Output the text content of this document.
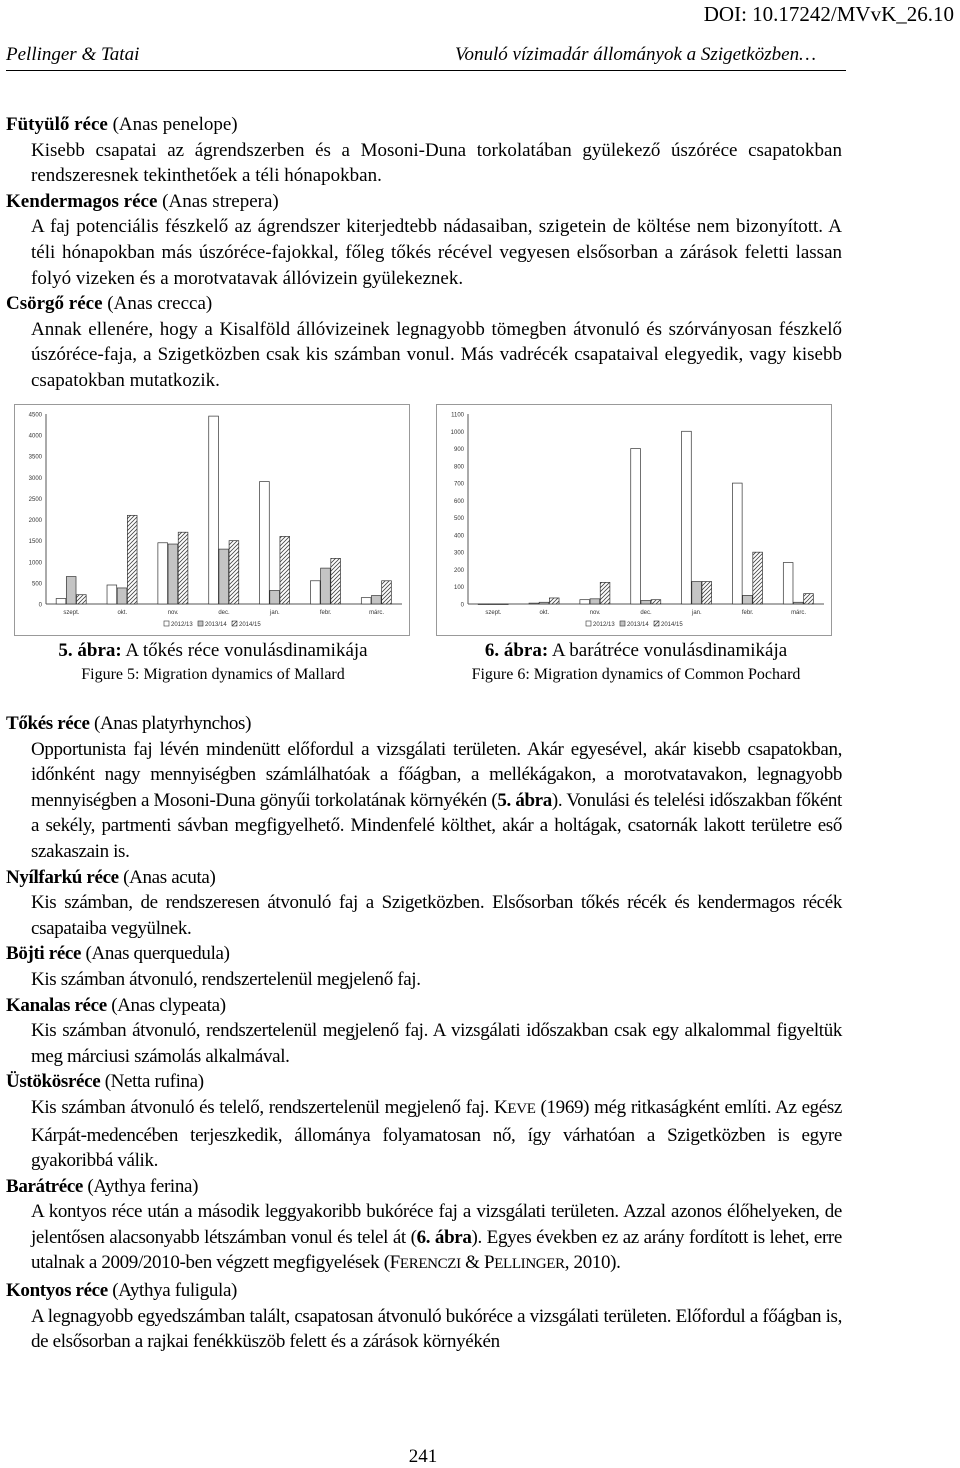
DOI: 10.17242/MVvK_26.10
Pellinger & Tatai	Vonuló vízimadár állományok a Szigetközben…

Fütyülő réce (Anas penelope)

Kisebb csapatai az ágrendszerben és a Mosoni-Duna torkolatában gyülekező úszóréce csapatokban rendszeresnek tekinthetőek a téli hónapokban.

Kendermagos réce (Anas strepera)

A faj potenciális fészkelő az ágrendszer kiterjedtebb nádasaiban, szigetein de költése nem bizonyított. A téli hónapokban más úszóréce-fajokkal, főleg tőkés récével vegyesen elsősorban a zárások feletti lassan folyó vizeken és a morotvatavak állóvizein gyülekeznek.

Csörgő réce (Anas crecca)

Annak ellenére, hogy a Kisalföld állóvizeinek legnagyobb tömegben átvonuló és szórványosan fészkelő úszóréce-faja, a Szigetközben csak kis számban vonul. Más vadrécék csapataival elegyedik, vagy kisebb csapatokban mutatkozik.

0
500
1000
1500
2000
2500
3000
3500
4000
4500
szept.	okt.	nov.	dec.	jan.	febr.	márc.
2012/13 2013/14 2014/15
0
100
200
300
400
500
600
700
800
900
1000
1100
szept.	okt.	nov.	dec.	jan.	febr.	márc.
2012/13 2013/14 2014/15
5. ábra: A tőkés réce vonulásdinamikája
Figure 5: Migration dynamics of Mallard
6. ábra: A barátréce vonulásdinamikája
Figure 6: Migration dynamics of Common Pochard

Tőkés réce (Anas platyrhynchos)

Opportunista faj lévén mindenütt előfordul a vizsgálati területen. Akár egyesével, akár kisebb csapatokban, időnként nagy mennyiségben számlálhatóak a főágban, a mellékágakon, a morotvatavakon, legnagyobb mennyiségben a Mosoni-Duna gönyűi torkolatának környékén (5. ábra). Vonulási és telelési időszakban főként a sekély, partmenti sávban megfigyelhető. Mindenfelé költhet, akár a holtágak, csatornák lakott területre eső szakaszain is.

Nyílfarkú réce (Anas acuta)

Kis számban, de rendszeresen átvonuló faj a Szigetközben. Elsősorban tőkés récék és kendermagos récék csapataiba vegyülnek.

Böjti réce (Anas querquedula)

Kis számban átvonuló, rendszertelenül megjelenő faj.

Kanalas réce (Anas clypeata)

Kis számban átvonuló, rendszertelenül megjelenő faj. A vizsgálati időszakban csak egy alkalommal figyeltük meg márciusi számolás alkalmával.

Üstökösréce (Netta rufina)

Kis számban átvonuló és telelő, rendszertelenül megjelenő faj. KEVE (1969) még ritkaságként említi. Az egész Kárpát-medencében terjeszkedik, állománya folyamatosan nő, így várhatóan a Szigetközben is egyre gyakoribbá válik.

Barátréce (Aythya ferina)

A kontyos réce után a második leggyakoribb bukóréce faj a vizsgálati területen. Azzal azonos élőhelyeken, de jelentősen alacsonyabb létszámban vonul és telel át (6. ábra). Egyes években ez az arány fordított is lehet, erre utalnak a 2009/2010-ben végzett megfigyelések (FERENCZI & PELLINGER, 2010).

Kontyos réce (Aythya fuligula)

A legnagyobb egyedszámban talált, csapatosan átvonuló bukóréce a vizsgálati területen. Előfordul a főágban is, de elsősorban a rajkai fenékküszöb felett és a zárások környékén

241
